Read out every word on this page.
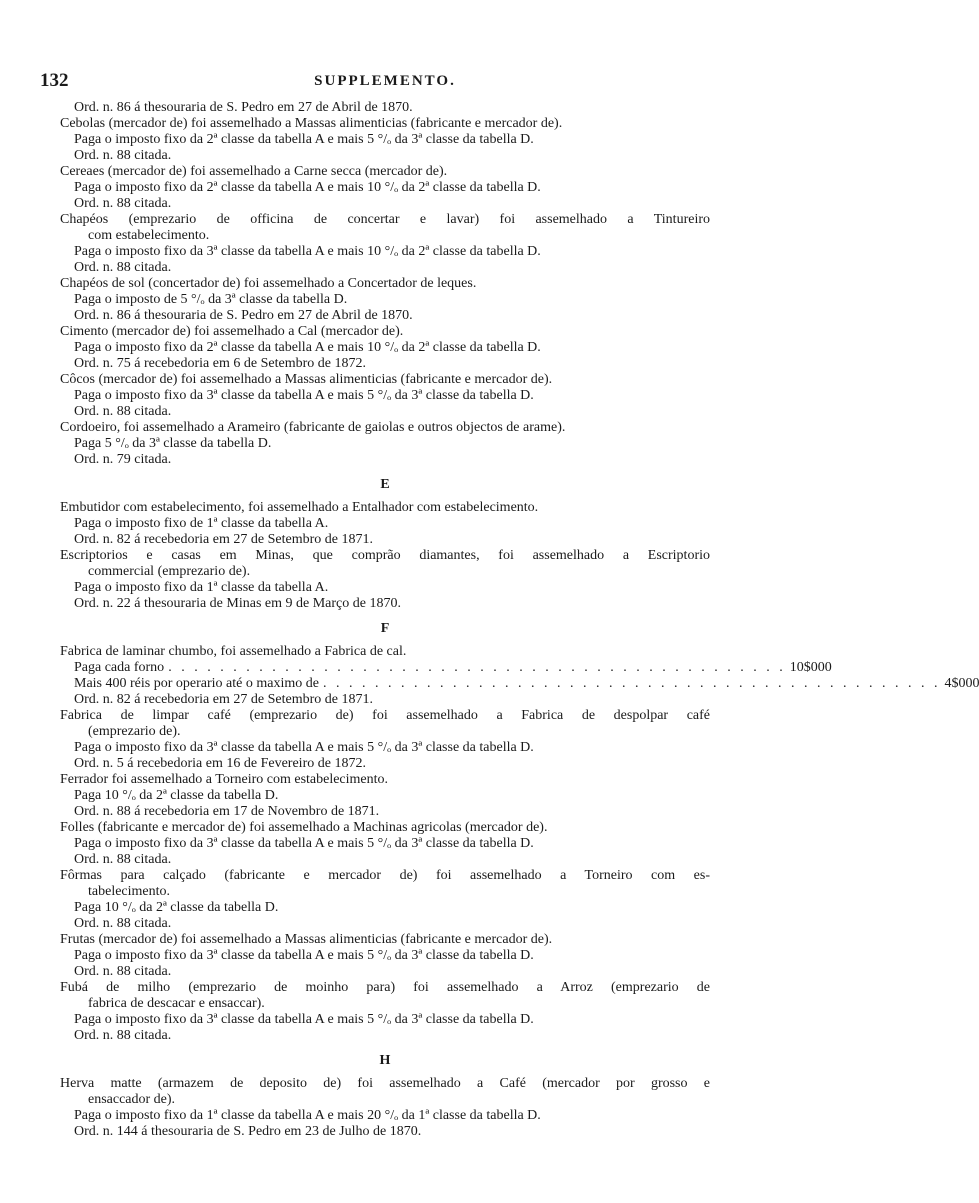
132	SUPPLEMENTO.
Ord. n. 86 á thesouraria de S. Pedro em 27 de Abril de 1870.
Cebolas (mercador de) foi assemelhado a Massas alimenticias (fabricante e mercador de).
Paga o imposto fixo da 2ª classe da tabella A e mais 5 °/ₒ da 3ª classe da tabella D.
Ord. n. 88 citada.
Cereaes (mercador de) foi assemelhado a Carne secca (mercador de).
Paga o imposto fixo da 2ª classe da tabella A e mais 10 °/ₒ da 2ª classe da tabella D.
Ord. n. 88 citada.
Chapéos (emprezario de officina de concertar e lavar) foi assemelhado a Tintureiro
com estabelecimento.
Paga o imposto fixo da 3ª classe da tabella A e mais 10 °/ₒ da 2ª classe da tabella D.
Ord. n. 88 citada.
Chapéos de sol (concertador de) foi assemelhado a Concertador de leques.
Paga o imposto de 5 °/ₒ da 3ª classe da tabella D.
Ord. n. 86 á thesouraria de S. Pedro em 27 de Abril de 1870.
Cimento (mercador de) foi assemelhado a Cal (mercador de).
Paga o imposto fixo da 2ª classe da tabella A e mais 10 °/ₒ da 2ª classe da tabella D.
Ord. n. 75 á recebedoria em 6 de Setembro de 1872.
Côcos (mercador de) foi assemelhado a Massas alimenticias (fabricante e mercador de).
Paga o imposto fixo da 3ª classe da tabella A e mais 5 °/ₒ da 3ª classe da tabella D.
Ord. n. 88 citada.
Cordoeiro, foi assemelhado a Arameiro (fabricante de gaiolas e outros objectos de arame).
Paga 5 °/ₒ da 3ª classe da tabella D.
Ord. n. 79 citada.
E
Embutidor com estabelecimento, foi assemelhado a Entalhador com estabelecimento.
Paga o imposto fixo de 1ª classe da tabella A.
Ord. n. 82 á recebedoria em 27 de Setembro de 1871.
Escriptorios e casas em Minas, que comprão diamantes, foi assemelhado a Escriptorio
commercial (emprezario de).
Paga o imposto fixo da 1ª classe da tabella A.
Ord. n. 22 á thesouraria de Minas em 9 de Março de 1870.
F
Fabrica de laminar chumbo, foi assemelhado a Fabrica de cal.
Paga cada forno . . . . . . . . . . . . . . . . . . . . . . . . . . . . . . . . . . . . . . . . . . . . . . . . 10$000
Mais 400 réis por operario até o maximo de . . . . . . . . . . . . . . . . . . . . . . . . . . . . . . . . . . . . . . . . . . . . . . . . 4$000
Ord. n. 82 á recebedoria em 27 de Setembro de 1871.
Fabrica de limpar café (emprezario de) foi assemelhado a Fabrica de despolpar café
(emprezario de).
Paga o imposto fixo da 3ª classe da tabella A e mais 5 °/ₒ da 3ª classe da tabella D.
Ord. n. 5 á recebedoria em 16 de Fevereiro de 1872.
Ferrador foi assemelhado a Torneiro com estabelecimento.
Paga 10 °/ₒ da 2ª classe da tabella D.
Ord. n. 88 á recebedoria em 17 de Novembro de 1871.
Folles (fabricante e mercador de) foi assemelhado a Machinas agricolas (mercador de).
Paga o imposto fixo da 3ª classe da tabella A e mais 5 °/ₒ da 3ª classe da tabella D.
Ord. n. 88 citada.
Fôrmas para calçado (fabricante e mercador de) foi assemelhado a Torneiro com es-
tabelecimento.
Paga 10 °/ₒ da 2ª classe da tabella D.
Ord. n. 88 citada.
Frutas (mercador de) foi assemelhado a Massas alimenticias (fabricante e mercador de).
Paga o imposto fixo da 3ª classe da tabella A e mais 5 °/ₒ da 3ª classe da tabella D.
Ord. n. 88 citada.
Fubá de milho (emprezario de moinho para) foi assemelhado a Arroz (emprezario de
fabrica de descacar e ensaccar).
Paga o imposto fixo da 3ª classe da tabella A e mais 5 °/ₒ da 3ª classe da tabella D.
Ord. n. 88 citada.
H
Herva matte (armazem de deposito de) foi assemelhado a Café (mercador por grosso e
ensaccador de).
Paga o imposto fixo da 1ª classe da tabella A e mais 20 °/ₒ da 1ª classe da tabella D.
Ord. n. 144 á thesouraria de S. Pedro em 23 de Julho de 1870.
